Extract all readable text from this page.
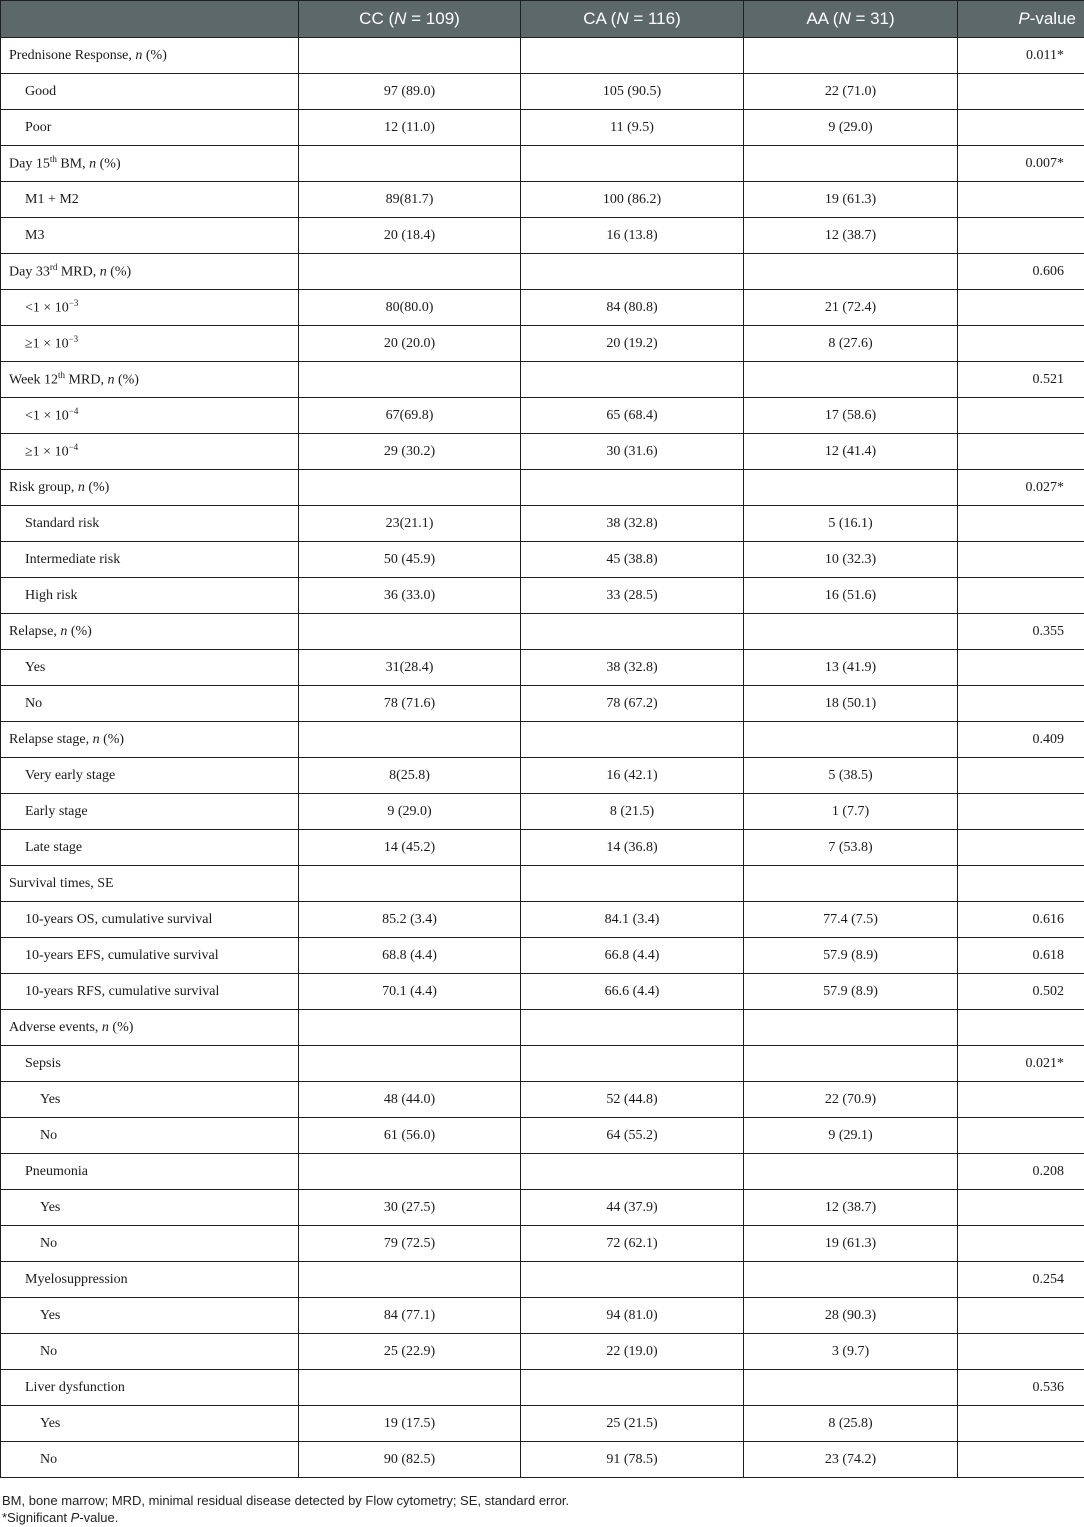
	CC (N = 109)	CA (N = 116)	AA (N = 31)	P-value
Prednisone Response, n (%)				0.011*
Good	97 (89.0)	105 (90.5)	22 (71.0)	
Poor	12 (11.0)	11 (9.5)	9 (29.0)	
Day 15th BM, n (%)				0.007*
M1 + M2	89(81.7)	100 (86.2)	19 (61.3)	
M3	20 (18.4)	16 (13.8)	12 (38.7)	
Day 33rd MRD, n (%)				0.606
$<1 \times 10^{-3}$	80(80.0)	84 (80.8)	21 (72.4)	
$\ge 1 \times 10^{-3}$	20 (20.0)	20 (19.2)	8 (27.6)	
Week 12th MRD, n (%)				0.521
$<1 \times 10^{-4}$	67(69.8)	65 (68.4)	17 (58.6)	
$\ge 1 \times 10^{-4}$	29 (30.2)	30 (31.6)	12 (41.4)	
Risk group, n (%)				0.027*
Standard risk	23(21.1)	38 (32.8)	5 (16.1)	
Intermediate risk	50 (45.9)	45 (38.8)	10 (32.3)	
High risk	36 (33.0)	33 (28.5)	16 (51.6)	
Relapse, n (%)				0.355
Yes	31(28.4)	38 (32.8)	13 (41.9)	
No	78 (71.6)	78 (67.2)	18 (50.1)	
Relapse stage, n (%)				0.409
Very early stage	8(25.8)	16 (42.1)	5 (38.5)	
Early stage	9 (29.0)	8 (21.5)	1 (7.7)	
Late stage	14 (45.2)	14 (36.8)	7 (53.8)	
Survival times, SE				
10-years OS, cumulative survival	85.2 (3.4)	84.1 (3.4)	77.4 (7.5)	0.616
10-years EFS, cumulative survival	68.8 (4.4)	66.8 (4.4)	57.9 (8.9)	0.618
10-years RFS, cumulative survival	70.1 (4.4)	66.6 (4.4)	57.9 (8.9)	0.502
Adverse events, n (%)				
Sepsis				0.021*
Yes	48 (44.0)	52 (44.8)	22 (70.9)	
No	61 (56.0)	64 (55.2)	9 (29.1)	
Pneumonia				0.208
Yes	30 (27.5)	44 (37.9)	12 (38.7)	
No	79 (72.5)	72 (62.1)	19 (61.3)	
Myelosuppression				0.254
Yes	84 (77.1)	94 (81.0)	28 (90.3)	
No	25 (22.9)	22 (19.0)	3 (9.7)	
Liver dysfunction				0.536
Yes	19 (17.5)	25 (21.5)	8 (25.8)	
No	90 (82.5)	91 (78.5)	23 (74.2)	
BM, bone marrow; MRD, minimal residual disease detected by Flow cytometry; SE, standard error.
*Significant P-value.
